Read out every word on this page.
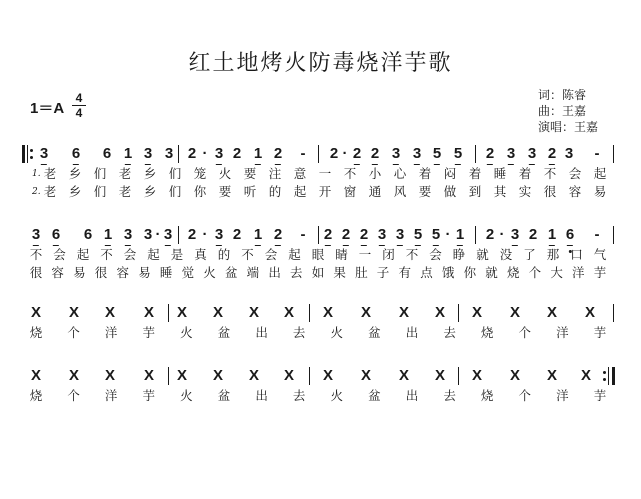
红土地烤火防毒烧洋芋歌
词：陈睿
曲：王嘉
演唱：王嘉
1＝A
4
4
3 6 6 1 3 3 2 · 3 2 1 2 - 2 · 2 2 3 3 5 5 2 3 3 2 3 -
1. 老 乡 们 老 乡 们 笼 火 要 注 意 一 不 小 心 着 闷 着 睡 着 不 会 起
2. 老 乡 们 老 乡 们 你 要 听 的 起 开 窗 通 风 要 做 到 其 实 很 容 易
3 6 6 1 3 3 · 3 2 · 3 2 1 2 - 2 2 2 3 3 5 5 · 1 2 · 3 2 1 6 -
不 会 起 不 会 起 是 真 的 不 会 起 眼 睛 一 闭 不 会 睁 就 没 了 那 口 气
很 容 易 很 容 易 睡 觉 火 盆 端 出 去 如 果 肚 子 有 点 饿 你 就 烧 个 大 洋 芋
X X X X X X X X X X X X X X X X
烧 个 洋 芋 火 盆 出 去 火 盆 出 去 烧 个 洋 芋
X X X X X X X X X X X X X X X X
烧 个 洋 芋 火 盆 出 去 火 盆 出 去 烧 个 洋 芋
